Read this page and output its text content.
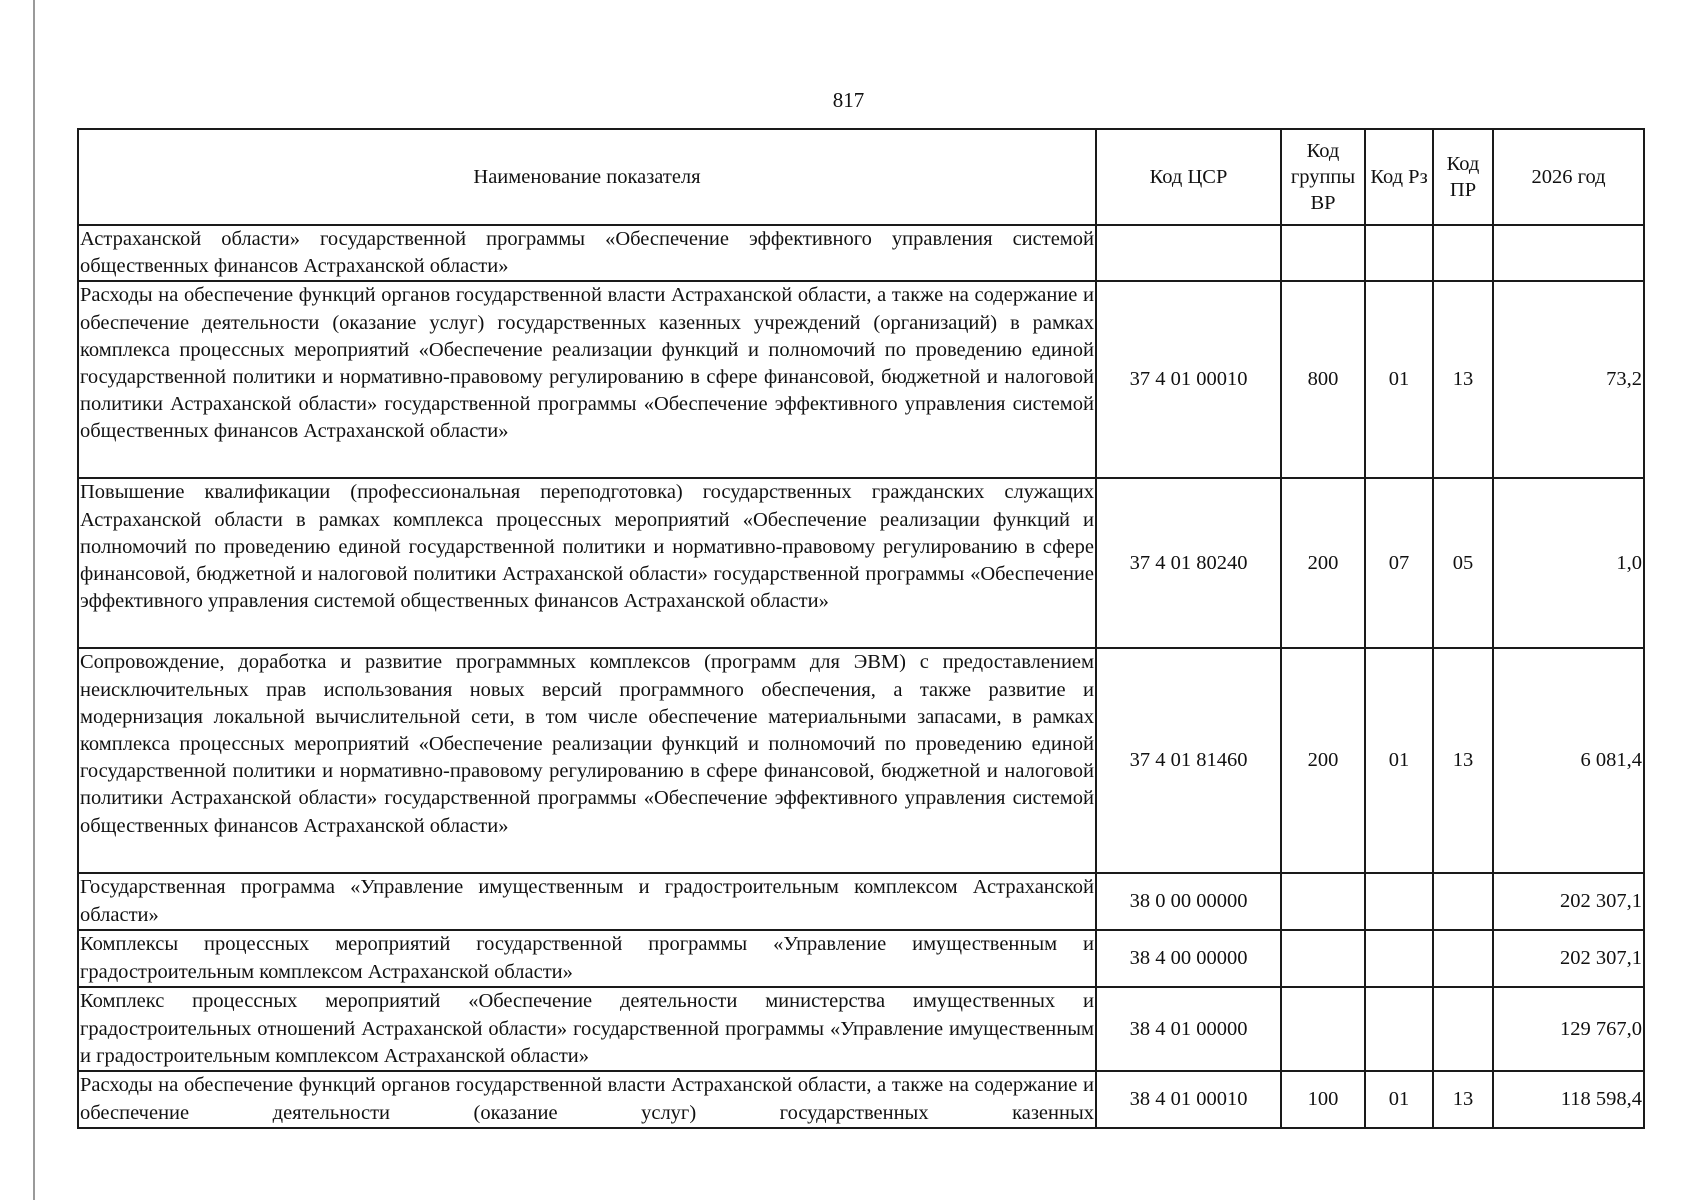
817
Наименование показателя	Код ЦСР	Код группы ВР	Код Рз	Код ПР	2026 год
Астраханской области» государственной программы «Обеспечение эффективного управления системой общественных финансов Астраханской области»					
Расходы на обеспечение функций органов государственной власти Астраханской области, а также на содержание и обеспечение деятельности (оказание услуг) государственных казенных учреждений (организаций) в рамках комплекса процессных мероприятий «Обеспечение реализации функций и полномочий по проведению единой государственной политики и нормативно-правовому регулированию в сфере финансовой, бюджетной и налоговой политики Астраханской области» государственной программы «Обеспечение эффективного управления системой общественных финансов Астраханской области»	37 4 01 00010	800	01	13	73,2
Повышение квалификации (профессиональная переподготовка) государственных гражданских служащих Астраханской области в рамках комплекса процессных мероприятий «Обеспечение реализации функций и полномочий по проведению единой государственной политики и нормативно-правовому регулированию в сфере финансовой, бюджетной и налоговой политики Астраханской области» государственной программы «Обеспечение эффективного управления системой общественных финансов Астраханской области»	37 4 01 80240	200	07	05	1,0
Сопровождение, доработка и развитие программных комплексов (программ для ЭВМ) с предоставлением неисключительных прав использования новых версий программного обеспечения, а также развитие и модернизация локальной вычислительной сети, в том числе обеспечение материальными запасами, в рамках комплекса процессных мероприятий «Обеспечение реализации функций и полномочий по проведению единой государственной политики и нормативно-правовому регулированию в сфере финансовой, бюджетной и налоговой политики Астраханской области» государственной программы «Обеспечение эффективного управления системой общественных финансов Астраханской области»	37 4 01 81460	200	01	13	6 081,4
Государственная программа «Управление имущественным и градостроительным комплексом Астраханской области»	38 0 00 00000				202 307,1
Комплексы процессных мероприятий государственной программы «Управление имущественным и градостроительным комплексом Астраханской области»	38 4 00 00000				202 307,1
Комплекс процессных мероприятий «Обеспечение деятельности министерства имущественных и градостроительных отношений Астраханской области» государственной программы «Управление имущественным и градостроительным комплексом Астраханской области»	38 4 01 00000				129 767,0
Расходы на обеспечение функций органов государственной власти Астраханской области, а также на содержание и обеспечение деятельности (оказание услуг) государственных казенных	38 4 01 00010	100	01	13	118 598,4
